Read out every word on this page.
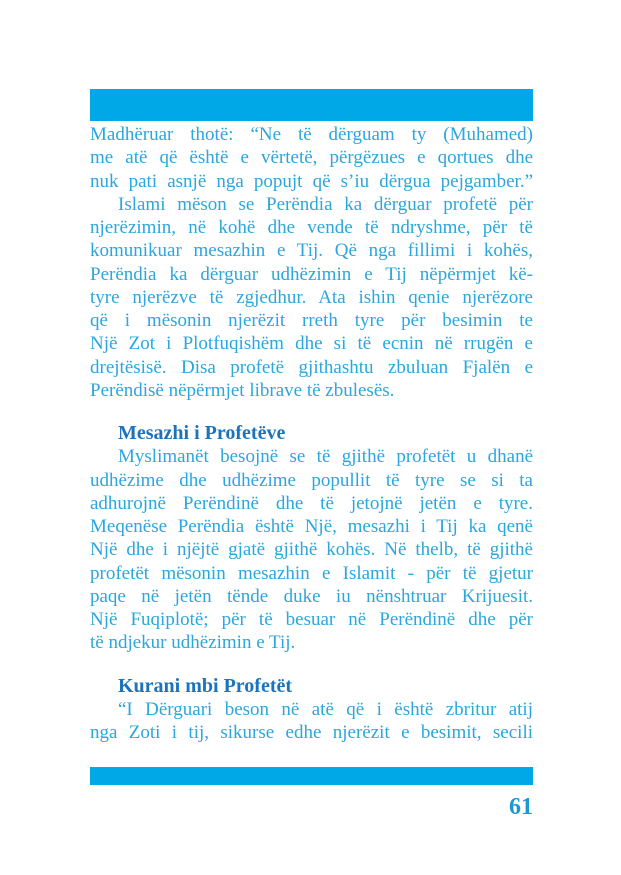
Madhëruar thotë: “Ne të dërguam ty (Muhamed)
me atë që është e vërtetë, përgëzues e qortues dhe
nuk pati asnjë nga popujt që s’iu dërgua pejgamber.”
Islami mëson se Perëndia ka dërguar profetë për
njerëzimin, në kohë dhe vende të ndryshme, për të
komunikuar mesazhin e Tij. Që nga fillimi i kohës,
Perëndia ka dërguar udhëzimin e Tij nëpërmjet kë-
tyre njerëzve të zgjedhur. Ata ishin qenie njerëzore
që i mësonin njerëzit rreth tyre për besimin te
Një Zot i Plotfuqishëm dhe si të ecnin në rrugën e
drejtësisë. Disa profetë gjithashtu zbuluan Fjalën e
Perëndisë nëpërmjet librave të zbulesës.
Mesazhi i Profetëve
Myslimanët besojnë se të gjithë profetët u dhanë
udhëzime dhe udhëzime popullit të tyre se si ta
adhurojnë Perëndinë dhe të jetojnë jetën e tyre.
Meqenëse Perëndia është Një, mesazhi i Tij ka qenë
Një dhe i njëjtë gjatë gjithë kohës. Në thelb, të gjithë
profetët mësonin mesazhin e Islamit - për të gjetur
paqe në jetën tënde duke iu nënshtruar Krijuesit.
Një Fuqiplotë; për të besuar në Perëndinë dhe për
të ndjekur udhëzimin e Tij.
Kurani mbi Profetët
“I Dërguari beson në atë që i është zbritur atij
nga Zoti i tij, sikurse edhe njerëzit e besimit, secili
61
